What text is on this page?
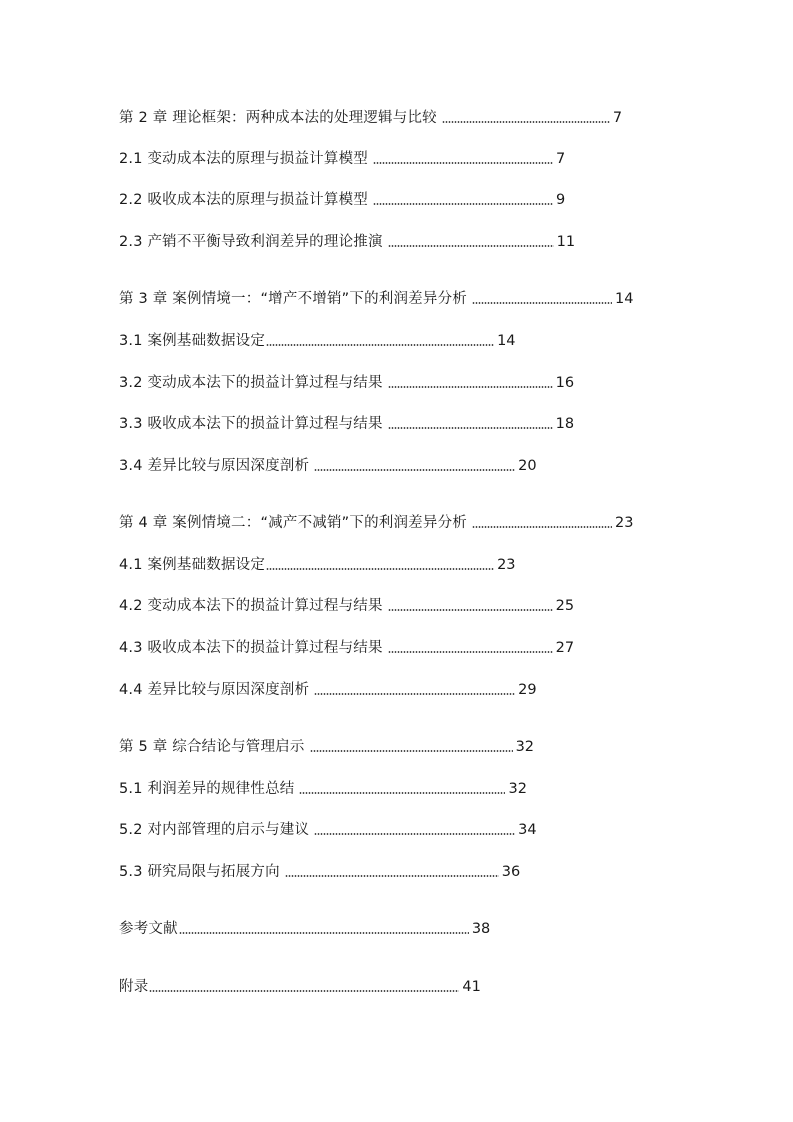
第 2 章 理论框架：两种成本法的处理逻辑与比较	7
2.1 变动成本法的原理与损益计算模型	7
2.2 吸收成本法的原理与损益计算模型	9
2.3 产销不平衡导致利润差异的理论推演	11
第 3 章 案例情境一：“增产不增销”下的利润差异分析	14
3.1 案例基础数据设定	14
3.2 变动成本法下的损益计算过程与结果	16
3.3 吸收成本法下的损益计算过程与结果	18
3.4 差异比较与原因深度剖析	20
第 4 章 案例情境二：“减产不减销”下的利润差异分析	23
4.1 案例基础数据设定	23
4.2 变动成本法下的损益计算过程与结果	25
4.3 吸收成本法下的损益计算过程与结果	27
4.4 差异比较与原因深度剖析	29
第 5 章 综合结论与管理启示	32
5.1 利润差异的规律性总结	32
5.2 对内部管理的启示与建议	34
5.3 研究局限与拓展方向	36
参考文献	38
附录	41
